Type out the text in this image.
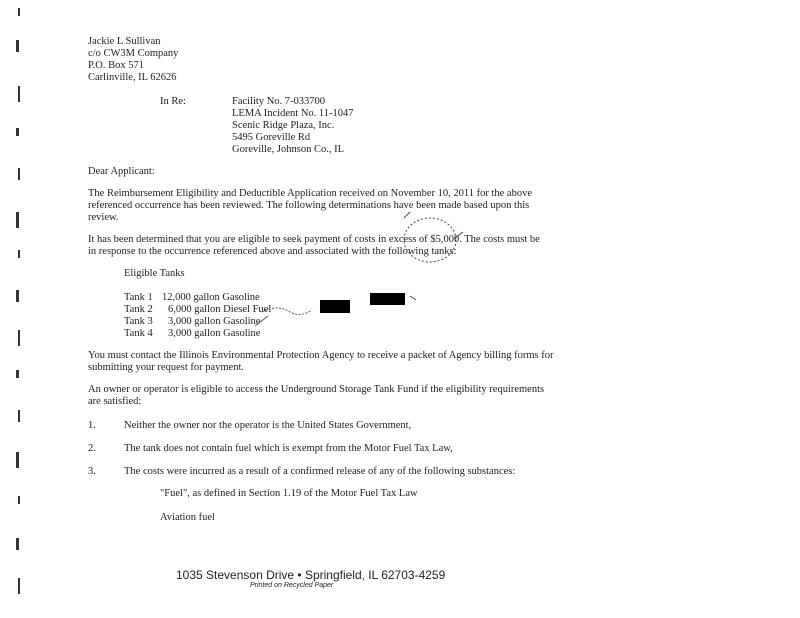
Jackie L Sullivan
c/o CW3M Company
P.O. Box 571
Carlinville, IL 62626
In Re:	Facility No. 7-033700
LEMA Incident No. 11-1047
Scenic Ridge Plaza, Inc.
5495 Goreville Rd
Goreville, Johnson Co., IL
Dear Applicant:
The Reimbursement Eligibility and Deductible Application received on November 10, 2011 for the above referenced occurrence has been reviewed. The following determinations have been made based upon this review.
It has been determined that you are eligible to seek payment of costs in excess of $5,000. The costs must be in response to the occurrence referenced above and associated with the following tanks:
Eligible Tanks
Tank 1 12,000 gallon Gasoline
Tank 2 6,000 gallon Diesel Fuel
Tank 3 3,000 gallon Gasoline
Tank 4 3,000 gallon Gasoline
You must contact the Illinois Environmental Protection Agency to receive a packet of Agency billing forms for submitting your request for payment.
An owner or operator is eligible to access the Underground Storage Tank Fund if the eligibility requirements are satisfied:
1.	Neither the owner nor the operator is the United States Government,
2.	The tank does not contain fuel which is exempt from the Motor Fuel Tax Law,
3.	The costs were incurred as a result of a confirmed release of any of the following substances:
"Fuel", as defined in Section 1.19 of the Motor Fuel Tax Law
Aviation fuel
1035 Stevenson Drive • Springfield, IL 62703-4259
Printed on Recycled Paper
